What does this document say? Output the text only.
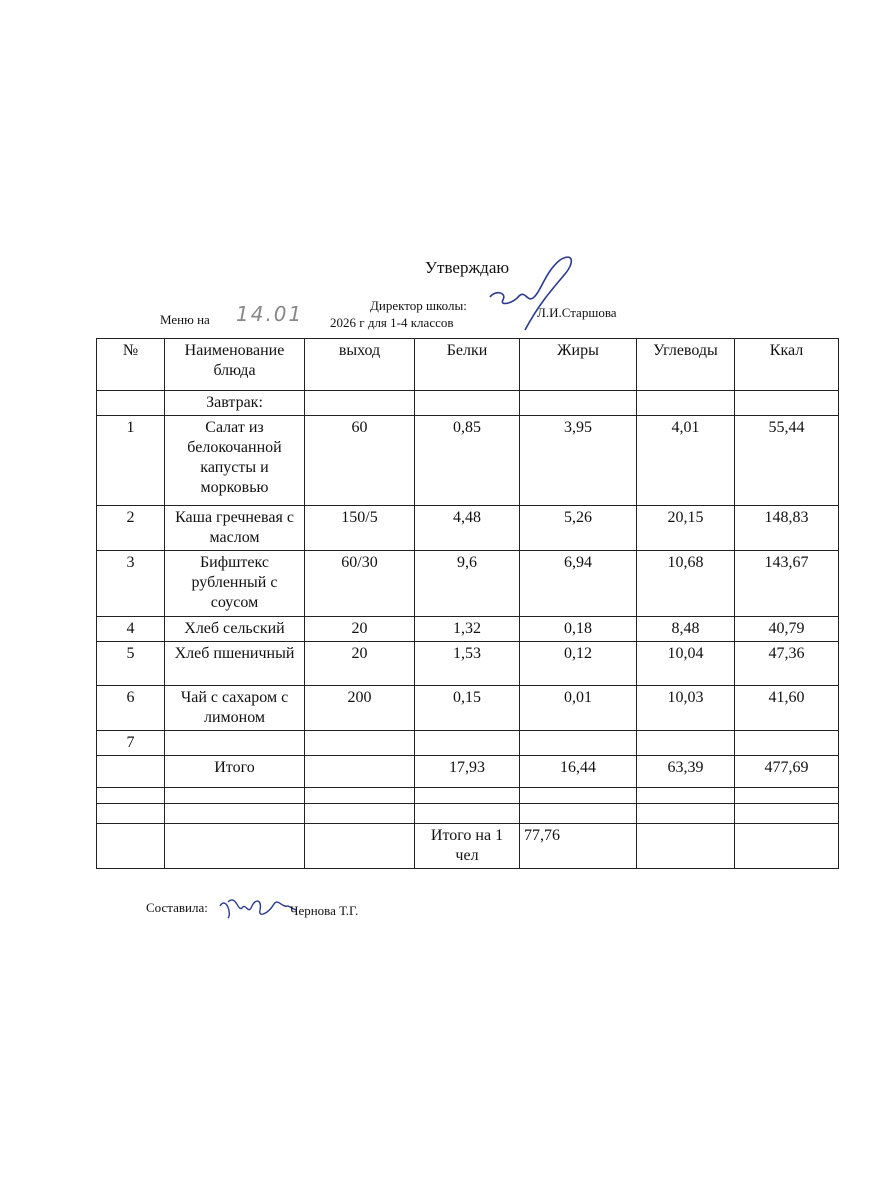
Утверждаю
Директор школы:	Л.И.Старшова
Меню на 14.01 2026 г для 1-4 классов
№	Наименование блюда	выход	Белки	Жиры	Углеводы	Ккал
	Завтрак:					
1	Салат из белокочанной капусты и морковью	60	0,85	3,95	4,01	55,44
2	Каша гречневая с маслом	150/5	4,48	5,26	20,15	148,83
3	Бифштекс рубленный с соусом	60/30	9,6	6,94	10,68	143,67
4	Хлеб сельский	20	1,32	0,18	8,48	40,79
5	Хлеб пшеничный	20	1,53	0,12	10,04	47,36
6	Чай с сахаром с лимоном	200	0,15	0,01	10,03	41,60
7						
	Итого		17,93	16,44	63,39	477,69

			Итого на 1 чел	77,76		
Составила:	Чернова Т.Г.
